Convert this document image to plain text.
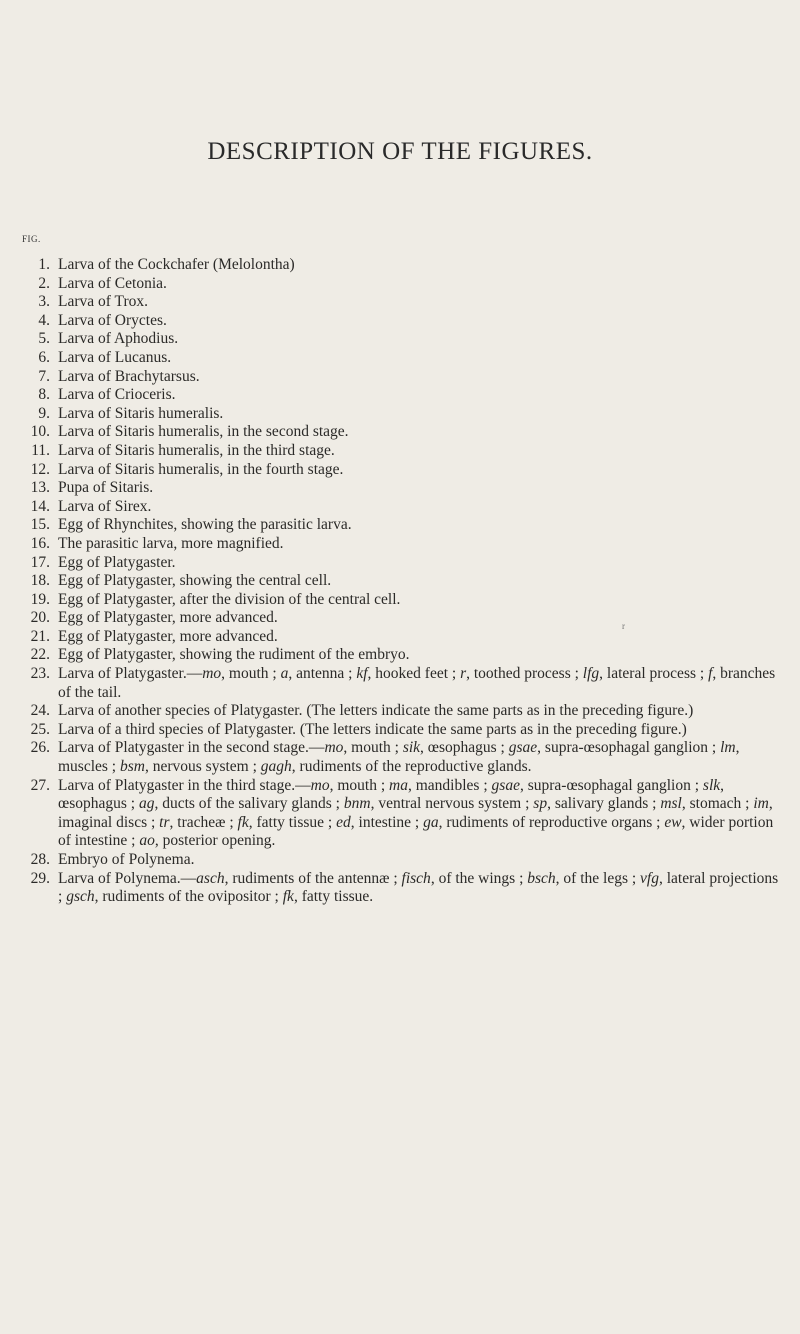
DESCRIPTION OF THE FIGURES.
FIG.
r
1. Larva of the Cockchafer (Melolontha)
2. Larva of Cetonia.
3. Larva of Trox.
4. Larva of Oryctes.
5. Larva of Aphodius.
6. Larva of Lucanus.
7. Larva of Brachytarsus.
8. Larva of Crioceris.
9. Larva of Sitaris humeralis.
10. Larva of Sitaris humeralis, in the second stage.
11. Larva of Sitaris humeralis, in the third stage.
12. Larva of Sitaris humeralis, in the fourth stage.
13. Pupa of Sitaris.
14. Larva of Sirex.
15. Egg of Rhynchites, showing the parasitic larva.
16. The parasitic larva, more magnified.
17. Egg of Platygaster.
18. Egg of Platygaster, showing the central cell.
19. Egg of Platygaster, after the division of the central cell.
20. Egg of Platygaster, more advanced.
21. Egg of Platygaster, more advanced.
22. Egg of Platygaster, showing the rudiment of the embryo.
23. Larva of Platygaster.—mo, mouth ; a, antenna ; kf, hooked feet ; r, toothed process ; lfg, lateral process ; f, branches of the tail.
24. Larva of another species of Platygaster. (The letters indicate the same parts as in the preceding figure.)
25. Larva of a third species of Platygaster. (The letters indicate the same parts as in the preceding figure.)
26. Larva of Platygaster in the second stage.—mo, mouth ; sik, œsophagus ; gsae, supra-œsophagal ganglion ; lm, muscles ; bsm, nervous system ; gagh, rudiments of the reproductive glands.
27. Larva of Platygaster in the third stage.—mo, mouth ; ma, mandibles ; gsae, supra-œsophagal ganglion ; slk, œsophagus ; ag, ducts of the salivary glands ; bnm, ventral nervous system ; sp, salivary glands ; msl, stomach ; im, imaginal discs ; tr, tracheæ ; fk, fatty tissue ; ed, intestine ; ga, rudiments of reproductive organs ; ew, wider portion of intestine ; ao, posterior opening.
28. Embryo of Polynema.
29. Larva of Polynema.—asch, rudiments of the antennæ ; fisch, of the wings ; bsch, of the legs ; vfg, lateral projections ; gsch, rudiments of the ovipositor ; fk, fatty tissue.
